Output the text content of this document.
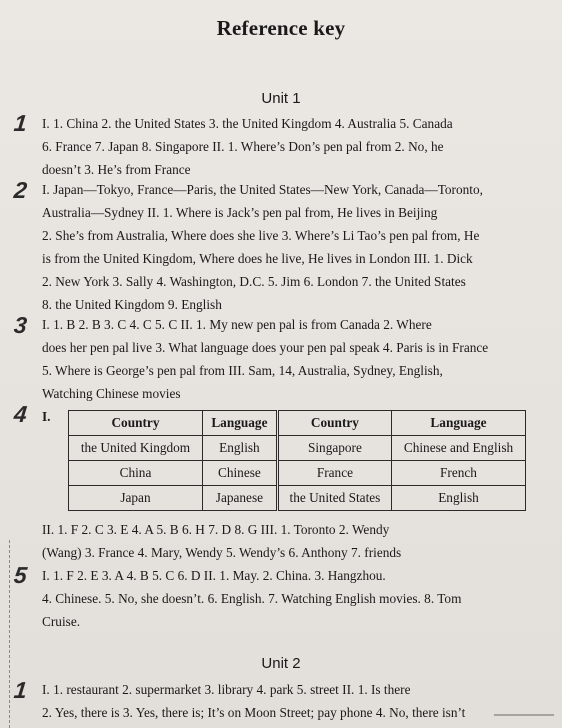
Reference key
Unit 1
1	I. 1. China 2. the United States 3. the United Kingdom 4. Australia 5. Canada
6. France 7. Japan 8. Singapore II. 1. Where’s Don’s pen pal from 2. No, he
doesn’t 3. He’s from France
2	I. Japan—Tokyo, France—Paris, the United States—New York, Canada—Toronto,
Australia—Sydney II. 1. Where is Jack’s pen pal from, He lives in Beijing
2. She’s from Australia, Where does she live 3. Where’s Li Tao’s pen pal from, He
is from the United Kingdom, Where does he live, He lives in London III. 1. Dick
2. New York 3. Sally 4. Washington, D.C. 5. Jim 6. London 7. the United States
8. the United Kingdom 9. English
3	I. 1. B 2. B 3. C 4. C 5. C II. 1. My new pen pal is from Canada 2. Where
does her pen pal live 3. What language does your pen pal speak 4. Paris is in France
5. Where is George’s pen pal from III. Sam, 14, Australia, Sydney, English,
Watching Chinese movies
4	I.	Country	Language	Country	Language
the United Kingdom	English	Singapore	Chinese and English
China	Chinese	France	French
Japan	Japanese	the United States	English
II. 1. F 2. C 3. E 4. A 5. B 6. H 7. D 8. G III. 1. Toronto 2. Wendy
(Wang) 3. France 4. Mary, Wendy 5. Wendy’s 6. Anthony 7. friends
5	I. 1. F 2. E 3. A 4. B 5. C 6. D II. 1. May. 2. China. 3. Hangzhou.
4. Chinese. 5. No, she doesn’t. 6. English. 7. Watching English movies. 8. Tom
Cruise.
Unit 2
1	I. 1. restaurant 2. supermarket 3. library 4. park 5. street II. 1. Is there
2. Yes, there is 3. Yes, there is; It’s on Moon Street; pay phone 4. No, there isn’t
